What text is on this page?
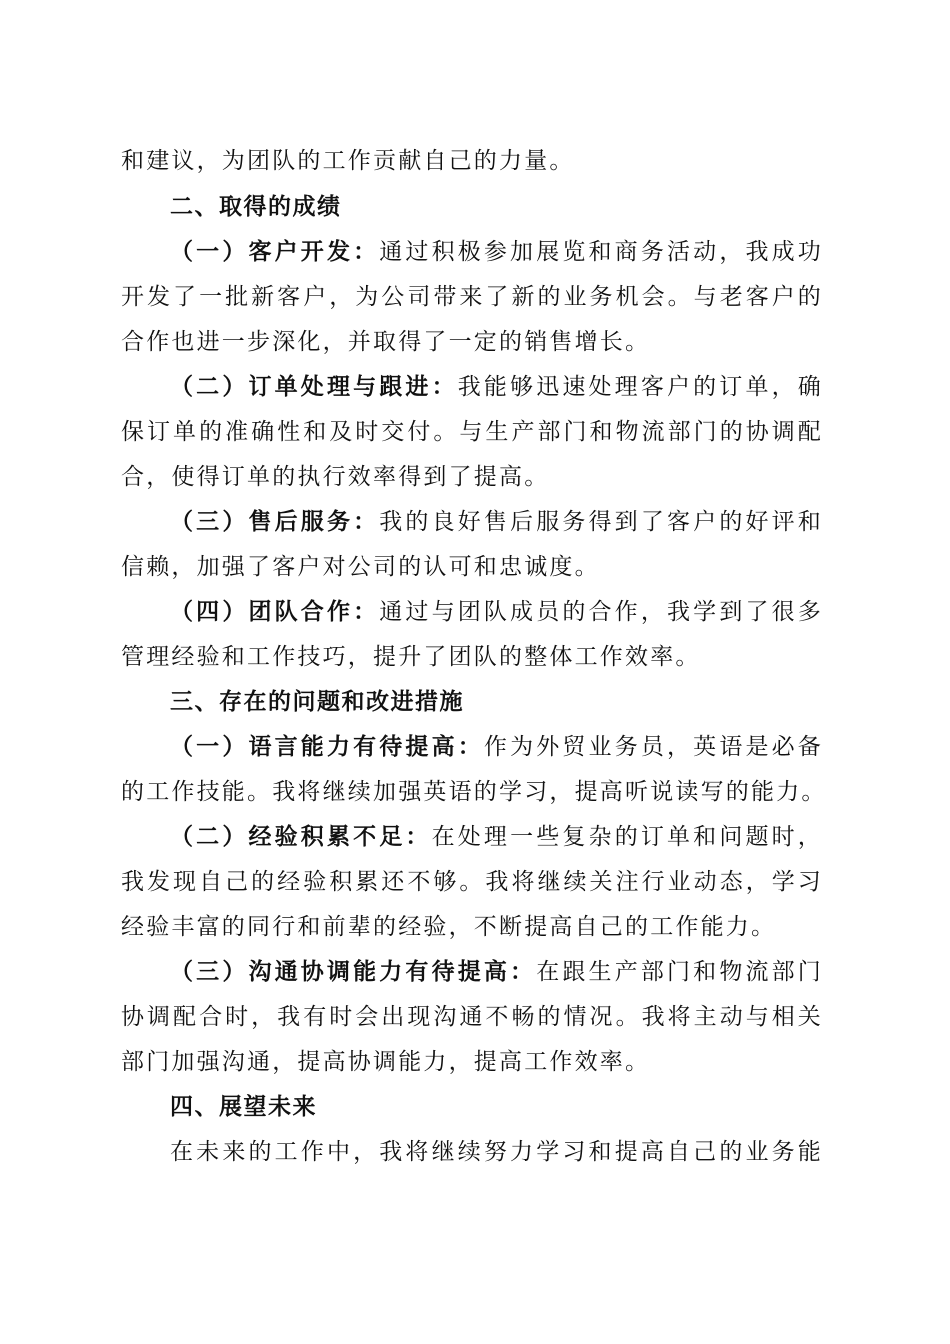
和建议，为团队的工作贡献自己的力量。
二、取得的成绩
（一）客户开发：通过积极参加展览和商务活动，我成功
开发了一批新客户，为公司带来了新的业务机会。与老客户的
合作也进一步深化，并取得了一定的销售增长。
（二）订单处理与跟进：我能够迅速处理客户的订单，确
保订单的准确性和及时交付。与生产部门和物流部门的协调配
合，使得订单的执行效率得到了提高。
（三）售后服务：我的良好售后服务得到了客户的好评和
信赖，加强了客户对公司的认可和忠诚度。
（四）团队合作：通过与团队成员的合作，我学到了很多
管理经验和工作技巧，提升了团队的整体工作效率。
三、存在的问题和改进措施
（一）语言能力有待提高：作为外贸业务员，英语是必备
的工作技能。我将继续加强英语的学习，提高听说读写的能力。
（二）经验积累不足：在处理一些复杂的订单和问题时，
我发现自己的经验积累还不够。我将继续关注行业动态，学习
经验丰富的同行和前辈的经验，不断提高自己的工作能力。
（三）沟通协调能力有待提高：在跟生产部门和物流部门
协调配合时，我有时会出现沟通不畅的情况。我将主动与相关
部门加强沟通，提高协调能力，提高工作效率。
四、展望未来
在未来的工作中，我将继续努力学习和提高自己的业务能
